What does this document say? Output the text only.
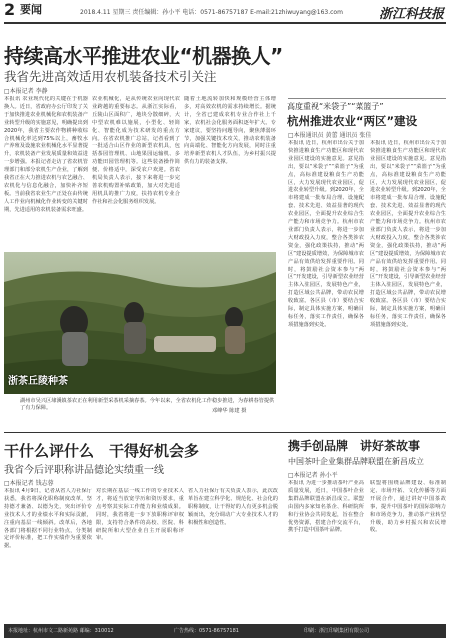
2 要闻	2018.4.11 星期三 责任编辑：孙小平 电话：0571-86757187 E-mail:21zhiwuyang@163.com	浙江科技报
持续高水平推进农业“机器换人”
我省先进高效适用农机装备技术引关注
□本报记者 李静
本报讯 农业现代化的关键在于机器换人。近日，省政府办公厅印发了关于加快推进农业机械化和农机装备产业转型升级的实施意见，明确提出到2020年，我省主要农作物耕种收综合机械化率达到75%以上，畜牧水产养殖及设施农业机械化水平显著提升，农机装备产业发展质量和效益进一步增强。本报记者走访了省农机管理部门和部分农机生产企业，了解到我省正在大力推进农机与农艺融合、农机化与信息化融合，加快补齐短板。当前我省农业生产正处在由传统人工作业向机械化作业转变的关键时期，先进适用的农机装备需求旺盛。
农业机械化，是从传统农业向现代农业跨越的重要标志。从浙江实际看，丘陵山区面积广，地块分散细碎，大中型农机难以施展，小型化、轻简化、智能化成为技术研发的重点方向。在省农机推广总站，记者看到了一批适合山区作业的新型农机具，包括茶园管理机、山地果园运输机、多功能田园管理机等。这些装备操作简便、价格适中，深受农户欢迎。省农机局负责人表示，接下来将进一步完善农机购置补贴政策，加大对先进适用机具的推广力度，扶持农机专业合作社和社会化服务组织发展。
随着土地流转加快和规模经营主体增多，对高效农机的需求持续增长。据统计，全省已建成农机专业合作社上千家，农机社会化服务面积逐年扩大。专家建议，要坚持问题导向，聚焦薄弱环节，加强关键技术攻关，推动农机装备向高端化、智能化方向发展，同时注重培养新型农机人才队伍，为乡村振兴提供有力的装备支撑。
浙茶丘陵种茶
湖州市吴兴区埭溪镇茶农正在利用新型采茶机采摘春茶。今年以来，全省农机化工作稳步推进，为春耕春管提供了有力保障。	邓峰华 陈建 摄
高度重视“米袋子”“菜篮子”
杭州推进农业“两区”建设
□本报通讯员 黄蕾 通讯员 张佳
本报讯 近日，杭州市出台关于加快推进粮食生产功能区和现代农业园区建设的实施意见。意见指出，要以“米袋子”“菜篮子”为重点，高标准建设粮食生产功能区，大力发展现代农业园区，促进农业转型升级。到2020年，全市将建成一批布局合理、设施配套、技术先进、效益显著的现代农业园区，全面提升农业综合生产能力和市场竞争力。杭州市农业部门负责人表示，将进一步加大财政投入力度，整合各类涉农资金，强化政策扶持，推动“两区”建设提质增效，为保障城市农产品有效供给发挥重要作用。同时，将鼓励社会资本参与“两区”开发建设，引导新型农业经营主体入驻园区，发展特色产业，打造区域公共品牌，带动农民增收致富。各区县（市）要结合实际，制定具体实施方案，明确目标任务，落实工作责任，确保各项措施落到实处。
本报讯 近日，杭州市出台关于加快推进粮食生产功能区和现代农业园区建设的实施意见。意见指出，要以“米袋子”“菜篮子”为重点，高标准建设粮食生产功能区，大力发展现代农业园区，促进农业转型升级。到2020年，全市将建成一批布局合理、设施配套、技术先进、效益显著的现代农业园区，全面提升农业综合生产能力和市场竞争力。杭州市农业部门负责人表示，将进一步加大财政投入力度，整合各类涉农资金，强化政策扶持，推动“两区”建设提质增效，为保障城市农产品有效供给发挥重要作用。同时，将鼓励社会资本参与“两区”开发建设，引导新型农业经营主体入驻园区，发展特色产业，打造区域公共品牌，带动农民增收致富。各区县（市）要结合实际，制定具体实施方案，明确目标任务，落实工作责任，确保各项措施落到实处。
干什么评什么　干得好机会多
我省今后评职称讲品德论实绩重一线
□本报记者 钱志蓉
本报讯 4月9日，记者从省人力社保厅获悉，我省将深化职称制度改革，坚持德才兼备、以德为先，突出评价专业技术人才的业绩水平和实际贡献，注重向基层一线倾斜。改革后，各地各部门将根据不同行业特点，分类制定评价标准，把工作实绩作为重要依据。
对长期在基层一线工作的专业技术人才，将适当放宽学历和资历要求，重点考察其实际工作能力和业绩成果。同时，我省将进一步下放职称评审权限，支持符合条件的高校、医院、科研院所和大型企业自主开展职称评审。
省人力社保厅有关负责人表示，此次改革旨在建立科学化、规范化、社会化的职称制度，让干得好的人有更多机会脱颖而出，充分调动广大专业技术人才的积极性和创造性。
携手创品牌　讲好茶故事
中国茶叶企业集群品牌联盟在新昌成立
□本报记者 孙小平
本报讯 为进一步推动茶叶产业高质量发展，近日，中国茶叶企业集群品牌联盟在新昌成立。联盟由国内多家知名茶企、科研院所和行业协会共同发起，旨在整合优势资源，搭建合作交流平台，携手打造中国茶叶品牌。
联盟将围绕品牌建设、标准制定、市场开拓、文化传播等方面开展合作，通过讲好中国茶故事，提升中国茶叶的国际影响力和市场竞争力，推动茶产业转型升级，助力乡村振兴和农民增收。
本报地址：杭州市文二路新苑路 邮编：310012	广告热线：0571-86757181	印刷：浙江印刷集团有限公司
